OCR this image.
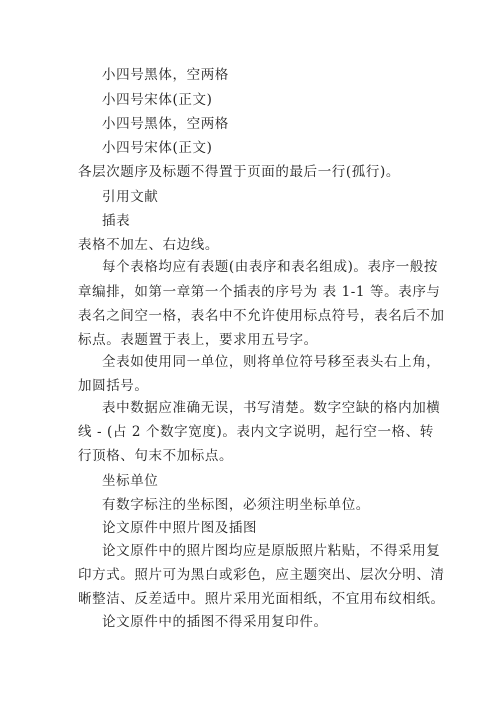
小四号黑体，空两格
小四号宋体(正文)
小四号黑体，空两格
小四号宋体(正文)
各层次题序及标题不得置于页面的最后一行(孤行)。
引用文献
插表
表格不加左、右边线。
每个表格均应有表题(由表序和表名组成)。表序一般按
章编排，如第一章第一个插表的序号为 表 1-1 等。表序与
表名之间空一格，表名中不允许使用标点符号，表名后不加
标点。表题置于表上，要求用五号字。
全表如使用同一单位，则将单位符号移至表头右上角，
加圆括号。
表中数据应准确无误，书写清楚。数字空缺的格内加横
线 - (占 2 个数字宽度)。表内文字说明，起行空一格、转
行顶格、句末不加标点。
坐标单位
有数字标注的坐标图，必须注明坐标单位。
论文原件中照片图及插图
论文原件中的照片图均应是原版照片粘贴，不得采用复
印方式。照片可为黑白或彩色，应主题突出、层次分明、清
晰整洁、反差适中。照片采用光面相纸，不宜用布纹相纸。
论文原件中的插图不得采用复印件。
